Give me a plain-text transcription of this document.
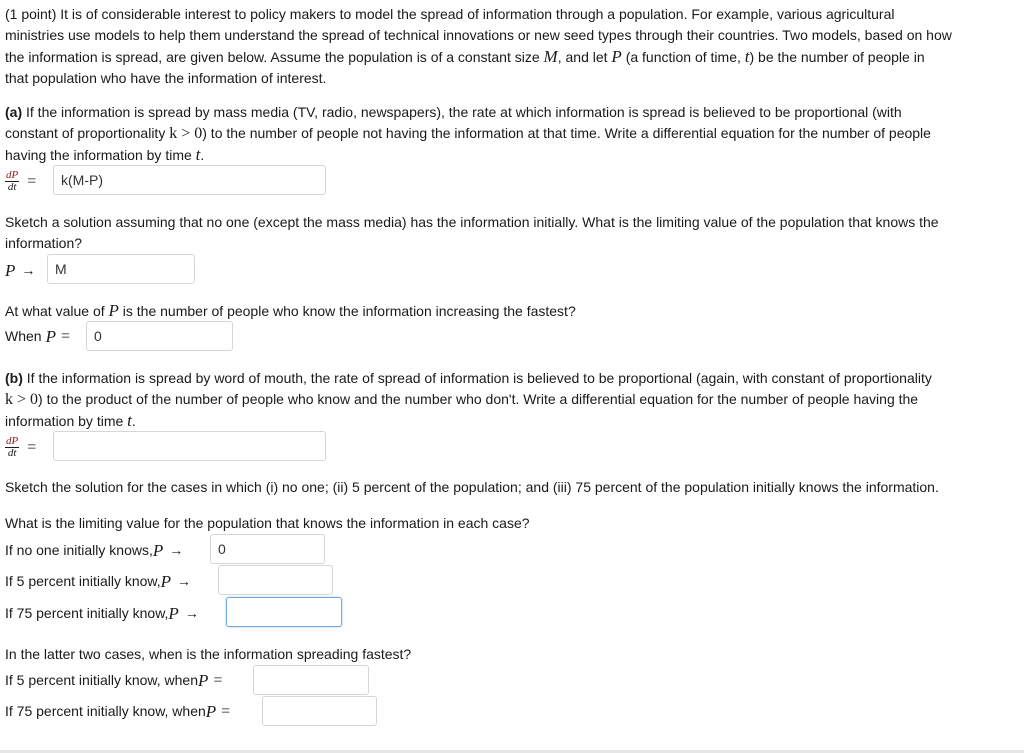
(1 point) It is of considerable interest to policy makers to model the spread of information through a population. For example, various agricultural
ministries use models to help them understand the spread of technical innovations or new seed types through their countries. Two models, based on how
the information is spread, are given below. Assume the population is of a constant size M, and let P (a function of time, t) be the number of people in
that population who have the information of interest.

(a) If the information is spread by mass media (TV, radio, newspapers), the rate at which information is spread is believed to be proportional (with
constant of proportionality k > 0) to the number of people not having the information at that time. Write a differential equation for the number of people
having the information by time t.

$\frac{dP}{dt}$ =	k(M-P)

Sketch a solution assuming that no one (except the mass media) has the information initially. What is the limiting value of the population that knows the
information?

P →	M

At what value of P is the number of people who know the information increasing the fastest?

When P =	0

(b) If the information is spread by word of mouth, the rate of spread of information is believed to be proportional (again, with constant of proportionality
k > 0) to the product of the number of people who know and the number who don't. Write a differential equation for the number of people having the
information by time t.

$\frac{dP}{dt}$ =

Sketch the solution for the cases in which (i) no one; (ii) 5 percent of the population; and (iii) 75 percent of the population initially knows the information.

What is the limiting value for the population that knows the information in each case?

If no one initially knows, P →	0
If 5 percent initially know, P →
If 75 percent initially know, P →

In the latter two cases, when is the information spreading fastest?

If 5 percent initially know, when P =
If 75 percent initially know, when P =
